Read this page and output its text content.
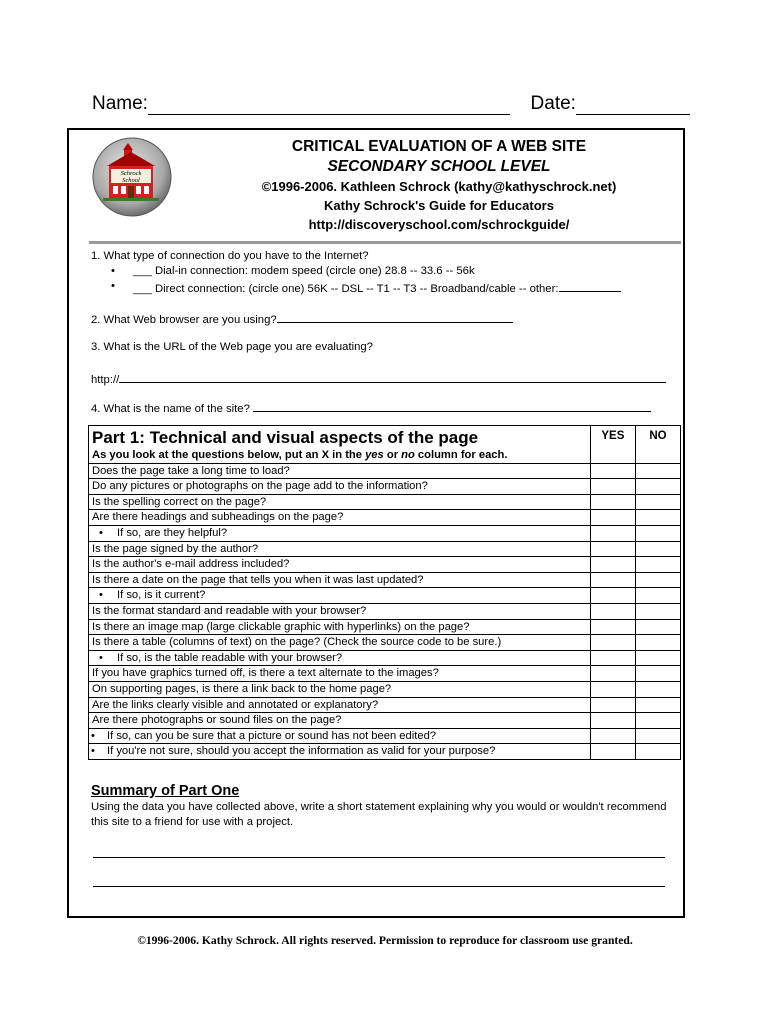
Name:	Date:
Schrock
School
CRITICAL EVALUATION OF A WEB SITE
SECONDARY SCHOOL LEVEL
©1996-2006. Kathleen Schrock (kathy@kathyschrock.net)
Kathy Schrock's Guide for Educators
http://discoveryschool.com/schrockguide/
1. What type of connection do you have to the Internet?
• ___ Dial-in connection: modem speed (circle one) 28.8 -- 33.6 -- 56k
• ___ Direct connection: (circle one) 56K -- DSL -- T1 -- T3 -- Broadband/cable -- other:
2. What Web browser are you using?
3. What is the URL of the Web page you are evaluating?
http://
4. What is the name of the site?
Part 1: Technical and visual aspects of the page
As you look at the questions below, put an X in the yes or no column for each.	YES	NO
Does the page take a long time to load?		
Do any pictures or photographs on the page add to the information?		
Is the spelling correct on the page?		
Are there headings and subheadings on the page?		
• If so, are they helpful?		
Is the page signed by the author?		
Is the author's e-mail address included?		
Is there a date on the page that tells you when it was last updated?		
• If so, is it current?		
Is the format standard and readable with your browser?		
Is there an image map (large clickable graphic with hyperlinks) on the page?		
Is there a table (columns of text) on the page? (Check the source code to be sure.)		
• If so, is the table readable with your browser?		
If you have graphics turned off, is there a text alternate to the images?		
On supporting pages, is there a link back to the home page?		
Are the links clearly visible and annotated or explanatory?		
Are there photographs or sound files on the page?		
• If so, can you be sure that a picture or sound has not been edited?		
• If you're not sure, should you accept the information as valid for your purpose?		
Summary of Part One
Using the data you have collected above, write a short statement explaining why you would or wouldn't recommend this site to a friend for use with a project.
©1996-2006. Kathy Schrock. All rights reserved. Permission to reproduce for classroom use granted.
